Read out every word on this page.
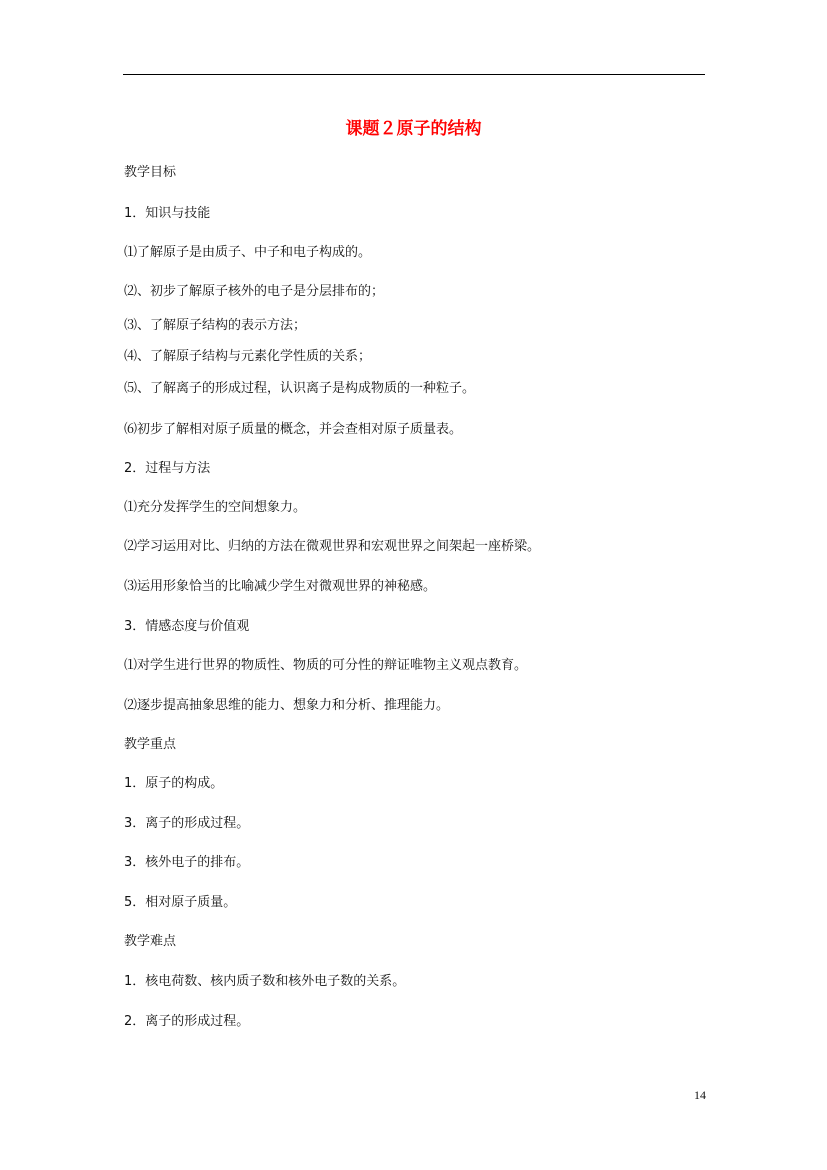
课题２原子的结构
教学目标
1．知识与技能
⑴了解原子是由质子、中子和电子构成的。
⑵、初步了解原子核外的电子是分层排布的；
⑶、了解原子结构的表示方法；
⑷、了解原子结构与元素化学性质的关系；
⑸、了解离子的形成过程，认识离子是构成物质的一种粒子。
⑹初步了解相对原子质量的概念，并会查相对原子质量表。
2．过程与方法
⑴充分发挥学生的空间想象力。
⑵学习运用对比、归纳的方法在微观世界和宏观世界之间架起一座桥梁。
⑶运用形象恰当的比喻减少学生对微观世界的神秘感。
3．情感态度与价值观
⑴对学生进行世界的物质性、物质的可分性的辩证唯物主义观点教育。
⑵逐步提高抽象思维的能力、想象力和分析、推理能力。
教学重点
1．原子的构成。
3．离子的形成过程。
3．核外电子的排布。
5．相对原子质量。
教学难点
1．核电荷数、核内质子数和核外电子数的关系。
2．离子的形成过程。
14
